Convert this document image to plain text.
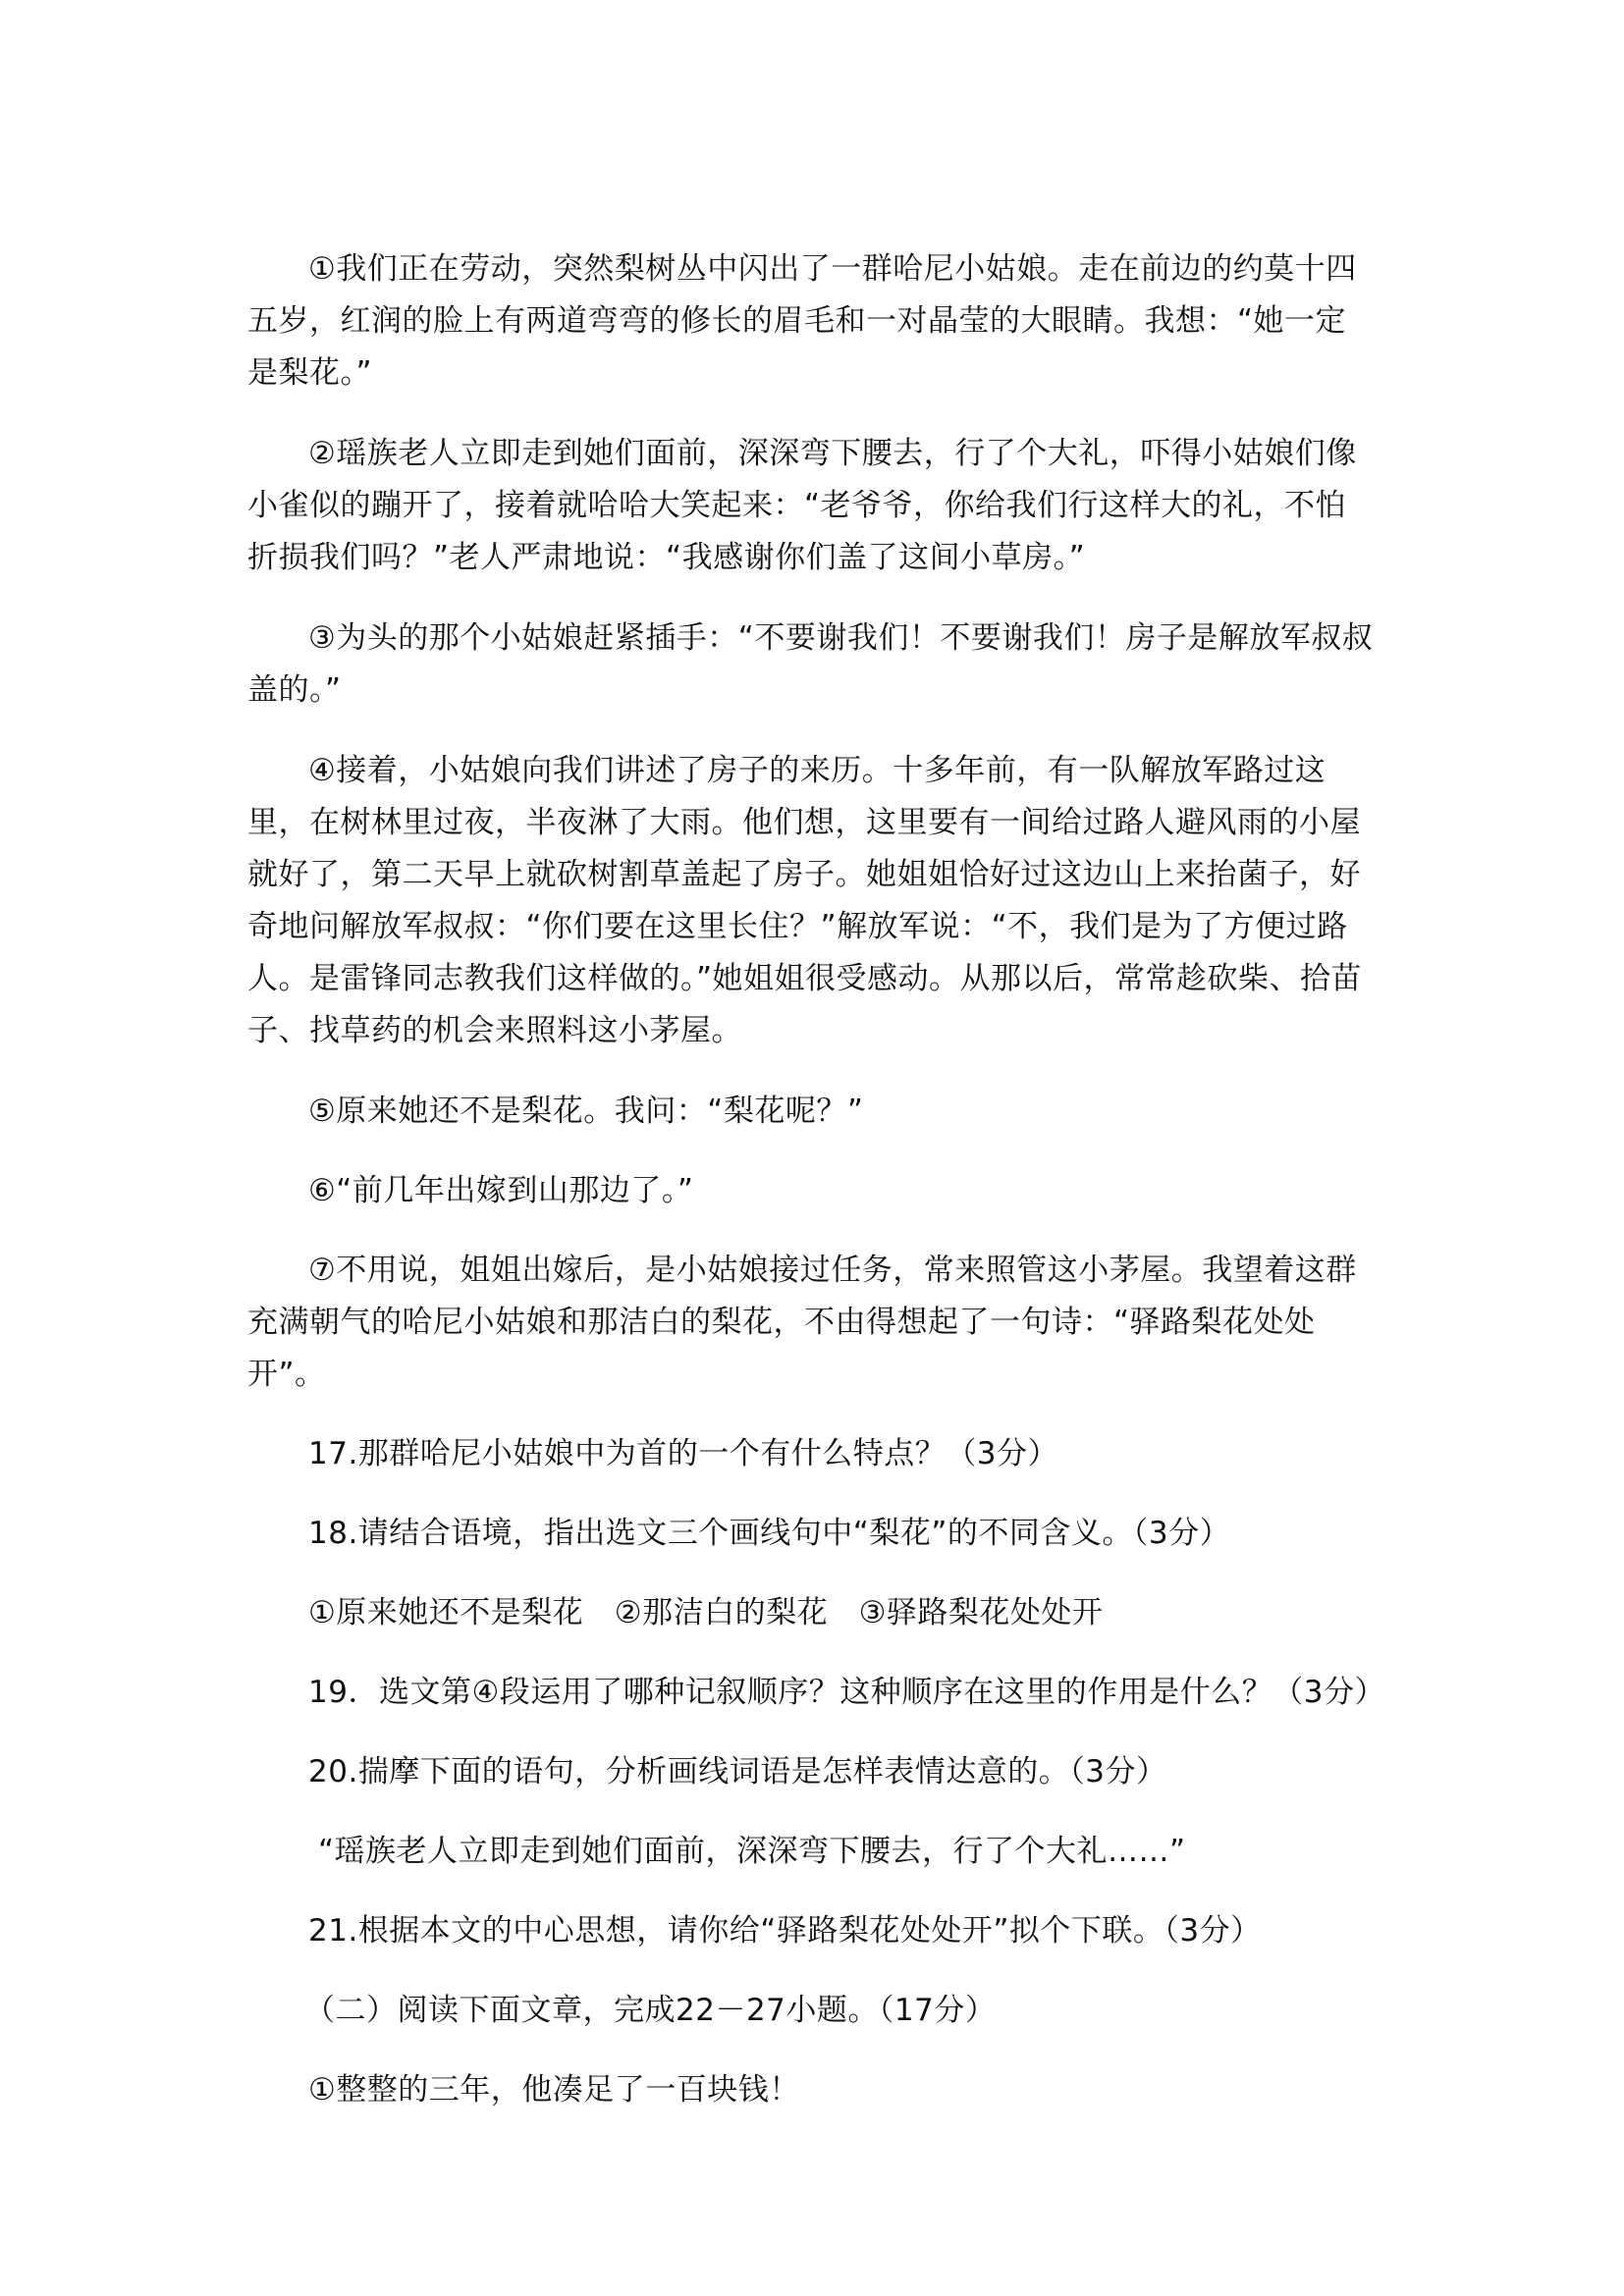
①我们正在劳动，突然梨树丛中闪出了一群哈尼小姑娘。走在前边的约莫十四五岁，红润的脸上有两道弯弯的修长的眉毛和一对晶莹的大眼睛。我想：“她一定是梨花。”

②瑶族老人立即走到她们面前，深深弯下腰去，行了个大礼，吓得小姑娘们像小雀似的蹦开了，接着就哈哈大笑起来：“老爷爷，你给我们行这样大的礼，不怕折损我们吗？”老人严肃地说：“我感谢你们盖了这间小草房。”

③为头的那个小姑娘赶紧插手：“不要谢我们！不要谢我们！房子是解放军叔叔盖的。”

④接着，小姑娘向我们讲述了房子的来历。十多年前，有一队解放军路过这里，在树林里过夜，半夜淋了大雨。他们想，这里要有一间给过路人避风雨的小屋就好了，第二天早上就砍树割草盖起了房子。她姐姐恰好过这边山上来抬菌子，好奇地问解放军叔叔：“你们要在这里长住？”解放军说：“不，我们是为了方便过路人。是雷锋同志教我们这样做的。”她姐姐很受感动。从那以后，常常趁砍柴、拾苗子、找草药的机会来照料这小茅屋。

⑤原来她还不是梨花。我问：“梨花呢？”

⑥“前几年出嫁到山那边了。”

⑦不用说，姐姐出嫁后，是小姑娘接过任务，常来照管这小茅屋。我望着这群充满朝气的哈尼小姑娘和那洁白的梨花，不由得想起了一句诗：“驿路梨花处处开”。

17.那群哈尼小姑娘中为首的一个有什么特点？（3分）

18.请结合语境，指出选文三个画线句中“梨花”的不同含义。（3分）

①原来她还不是梨花　②那洁白的梨花　③驿路梨花处处开

19．选文第④段运用了哪种记叙顺序？这种顺序在这里的作用是什么？（3分）

20.揣摩下面的语句，分析画线词语是怎样表情达意的。（3分）

“瑶族老人立即走到她们面前，深深弯下腰去，行了个大礼……”

21.根据本文的中心思想，请你给“驿路梨花处处开”拟个下联。（3分）

（二）阅读下面文章，完成22－27小题。（17分）

①整整的三年，他凑足了一百块钱！
